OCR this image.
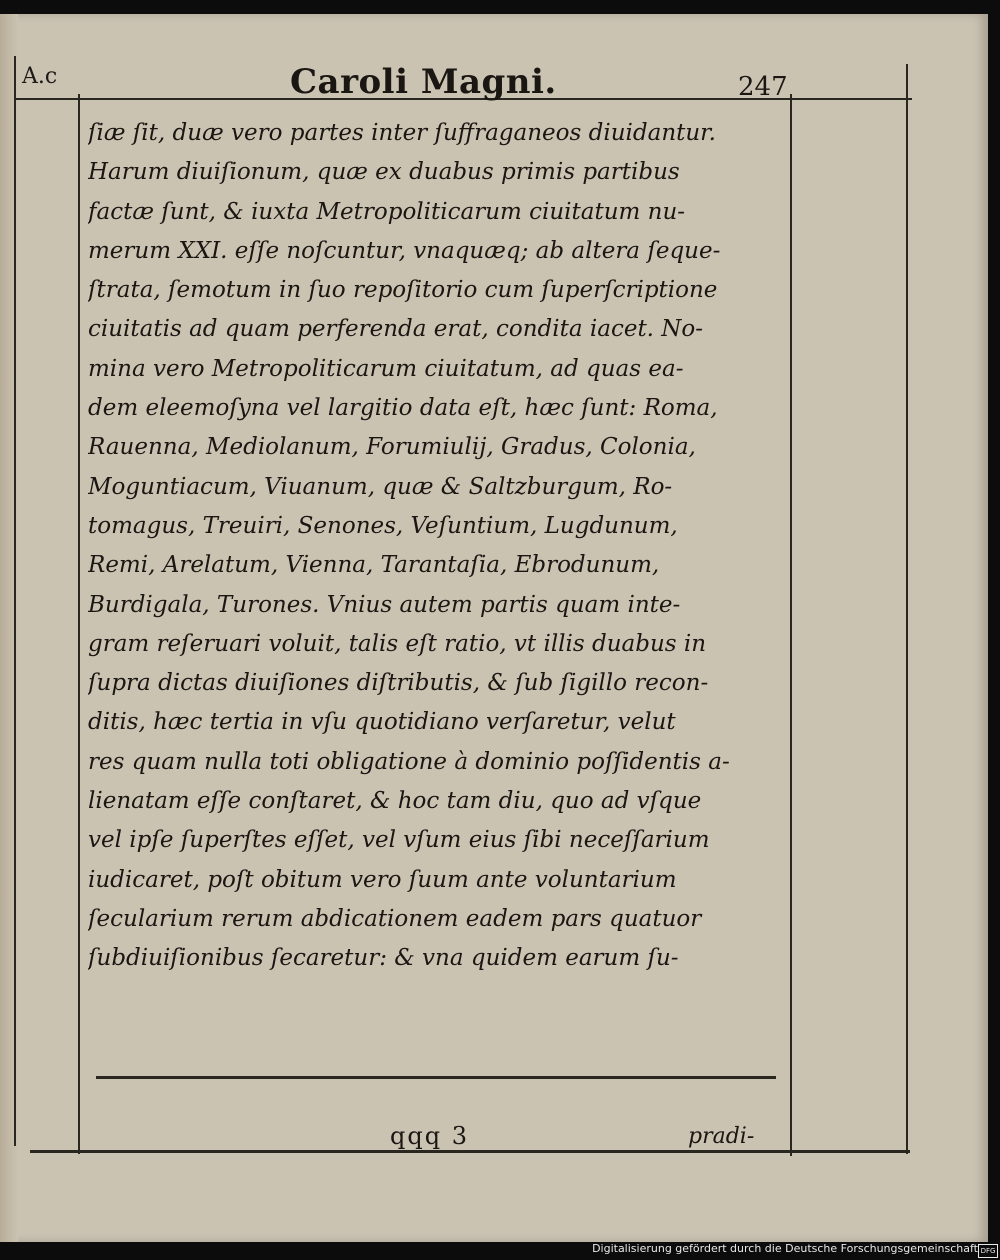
A.c	Caroli Magni.	247
ſiæ ſit, duæ vero partes inter ſuffraganeos diuidantur.
Harum diuiſionum, quæ ex duabus primis partibus
factæ ſunt, & iuxta Metropoliticarum ciuitatum nu-
merum XXI. eſſe noſcuntur, vnaquæq; ab altera ſeque-
ſtrata, ſemotum in ſuo repoſitorio cum ſuperſcriptione
ciuitatis ad quam perferenda erat, condita iacet. No-
mina vero Metropoliticarum ciuitatum, ad quas ea-
dem eleemoſyna vel largitio data eſt, hæc ſunt: Roma,
Rauenna, Mediolanum, Forumiulij, Gradus, Colonia,
Moguntiacum, Viuanum, quæ & Saltzburgum, Ro-
tomagus, Treuiri, Senones, Veſuntium, Lugdunum,
Remi, Arelatum, Vienna, Tarantaſia, Ebrodunum,
Burdigala, Turones. Vnius autem partis quam inte-
gram reſeruari voluit, talis eſt ratio, vt illis duabus in
ſupra dictas diuiſiones diſtributis, & ſub ſigillo recon-
ditis, hæc tertia in vſu quotidiano verſaretur, velut
res quam nulla toti obligatione à dominio poſſidentis a-
lienatam eſſe conſtaret, & hoc tam diu, quo ad vſque
vel ipſe ſuperſtes eſſet, vel vſum eius ſibi neceſſarium
iudicaret, poſt obitum vero ſuum ante voluntarium
ſecularium rerum abdicationem eadem pars quatuor
ſubdiuiſionibus ſecaretur: & vna quidem earum ſu-
qqq 3	pradi-
Digitalisierung gefördert durch die Deutsche Forschungsgemeinschaft DFG
